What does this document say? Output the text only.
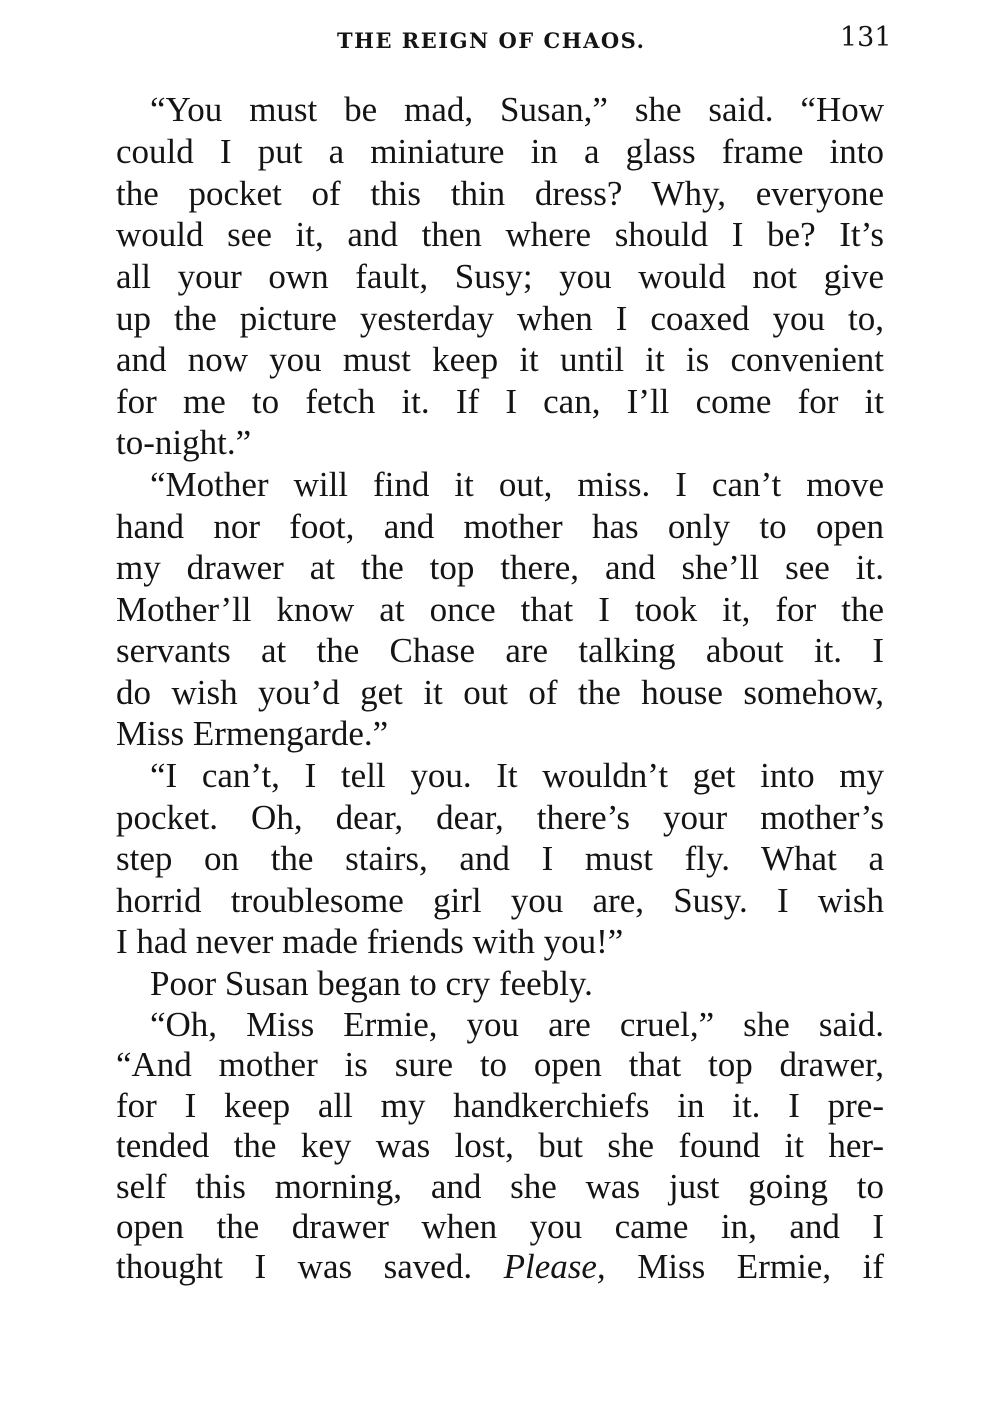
THE REIGN OF CHAOS.	131
“You must be mad, Susan,” she said. “How
could I put a miniature in a glass frame into
the pocket of this thin dress? Why, everyone
would see it, and then where should I be? It’s
all your own fault, Susy; you would not give
up the picture yesterday when I coaxed you to,
and now you must keep it until it is convenient
for me to fetch it. If I can, I’ll come for it
to-night.”
“Mother will find it out, miss. I can’t move
hand nor foot, and mother has only to open
my drawer at the top there, and she’ll see it.
Mother’ll know at once that I took it, for the
servants at the Chase are talking about it. I
do wish you’d get it out of the house somehow,
Miss Ermengarde.”
“I can’t, I tell you. It wouldn’t get into my
pocket. Oh, dear, dear, there’s your mother’s
step on the stairs, and I must fly. What a
horrid troublesome girl you are, Susy. I wish
I had never made friends with you!”
Poor Susan began to cry feebly.
“Oh, Miss Ermie, you are cruel,” she said.
“And mother is sure to open that top drawer,
for I keep all my handkerchiefs in it. I pre-
tended the key was lost, but she found it her-
self this morning, and she was just going to
open the drawer when you came in, and I
thought I was saved. Please, Miss Ermie, if
